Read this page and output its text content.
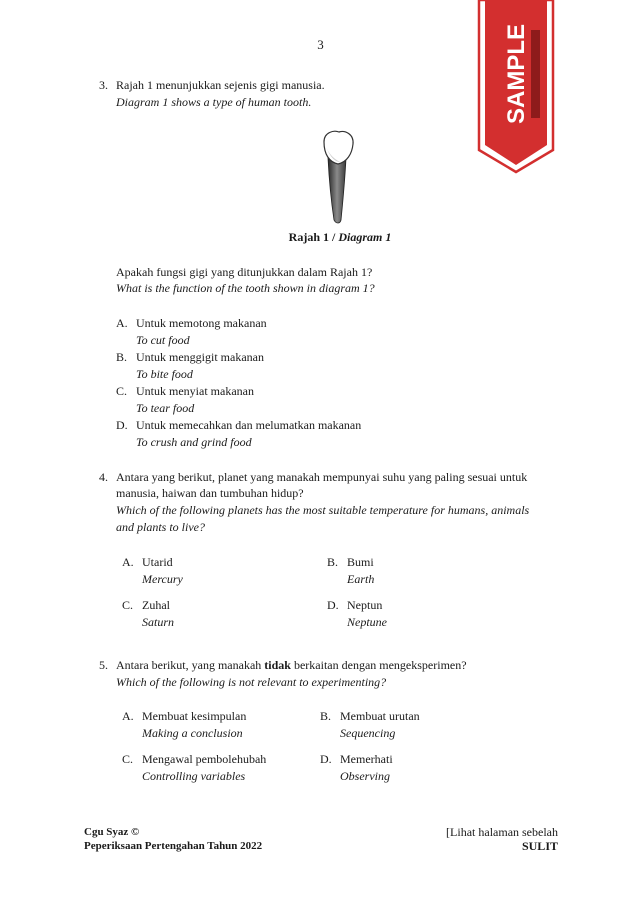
3	SAMPLE
3. Rajah 1 menunjukkan sejenis gigi manusia.
Diagram 1 shows a type of human tooth.
Rajah 1 / Diagram 1
Apakah fungsi gigi yang ditunjukkan dalam Rajah 1?
What is the function of the tooth shown in diagram 1?
A. Untuk memotong makanan
To cut food
B. Untuk menggigit makanan
To bite food
C. Untuk menyiat makanan
To tear food
D. Untuk memecahkan dan melumatkan makanan
To crush and grind food
4. Antara yang berikut, planet yang manakah mempunyai suhu yang paling sesuai untuk
manusia, haiwan dan tumbuhan hidup?
Which of the following planets has the most suitable temperature for humans, animals
and plants to live?
A. Utarid
Mercury
B. Bumi
Earth
C. Zuhal
Saturn
D. Neptun
Neptune
5. Antara berikut, yang manakah tidak berkaitan dengan mengeksperimen?
Which of the following is not relevant to experimenting?
A. Membuat kesimpulan
Making a conclusion
B. Membuat urutan
Sequencing
C. Mengawal pembolehubah
Controlling variables
D. Memerhati
Observing
Cgu Syaz ©
Peperiksaan Pertengahan Tahun 2022
[Lihat halaman sebelah
SULIT
